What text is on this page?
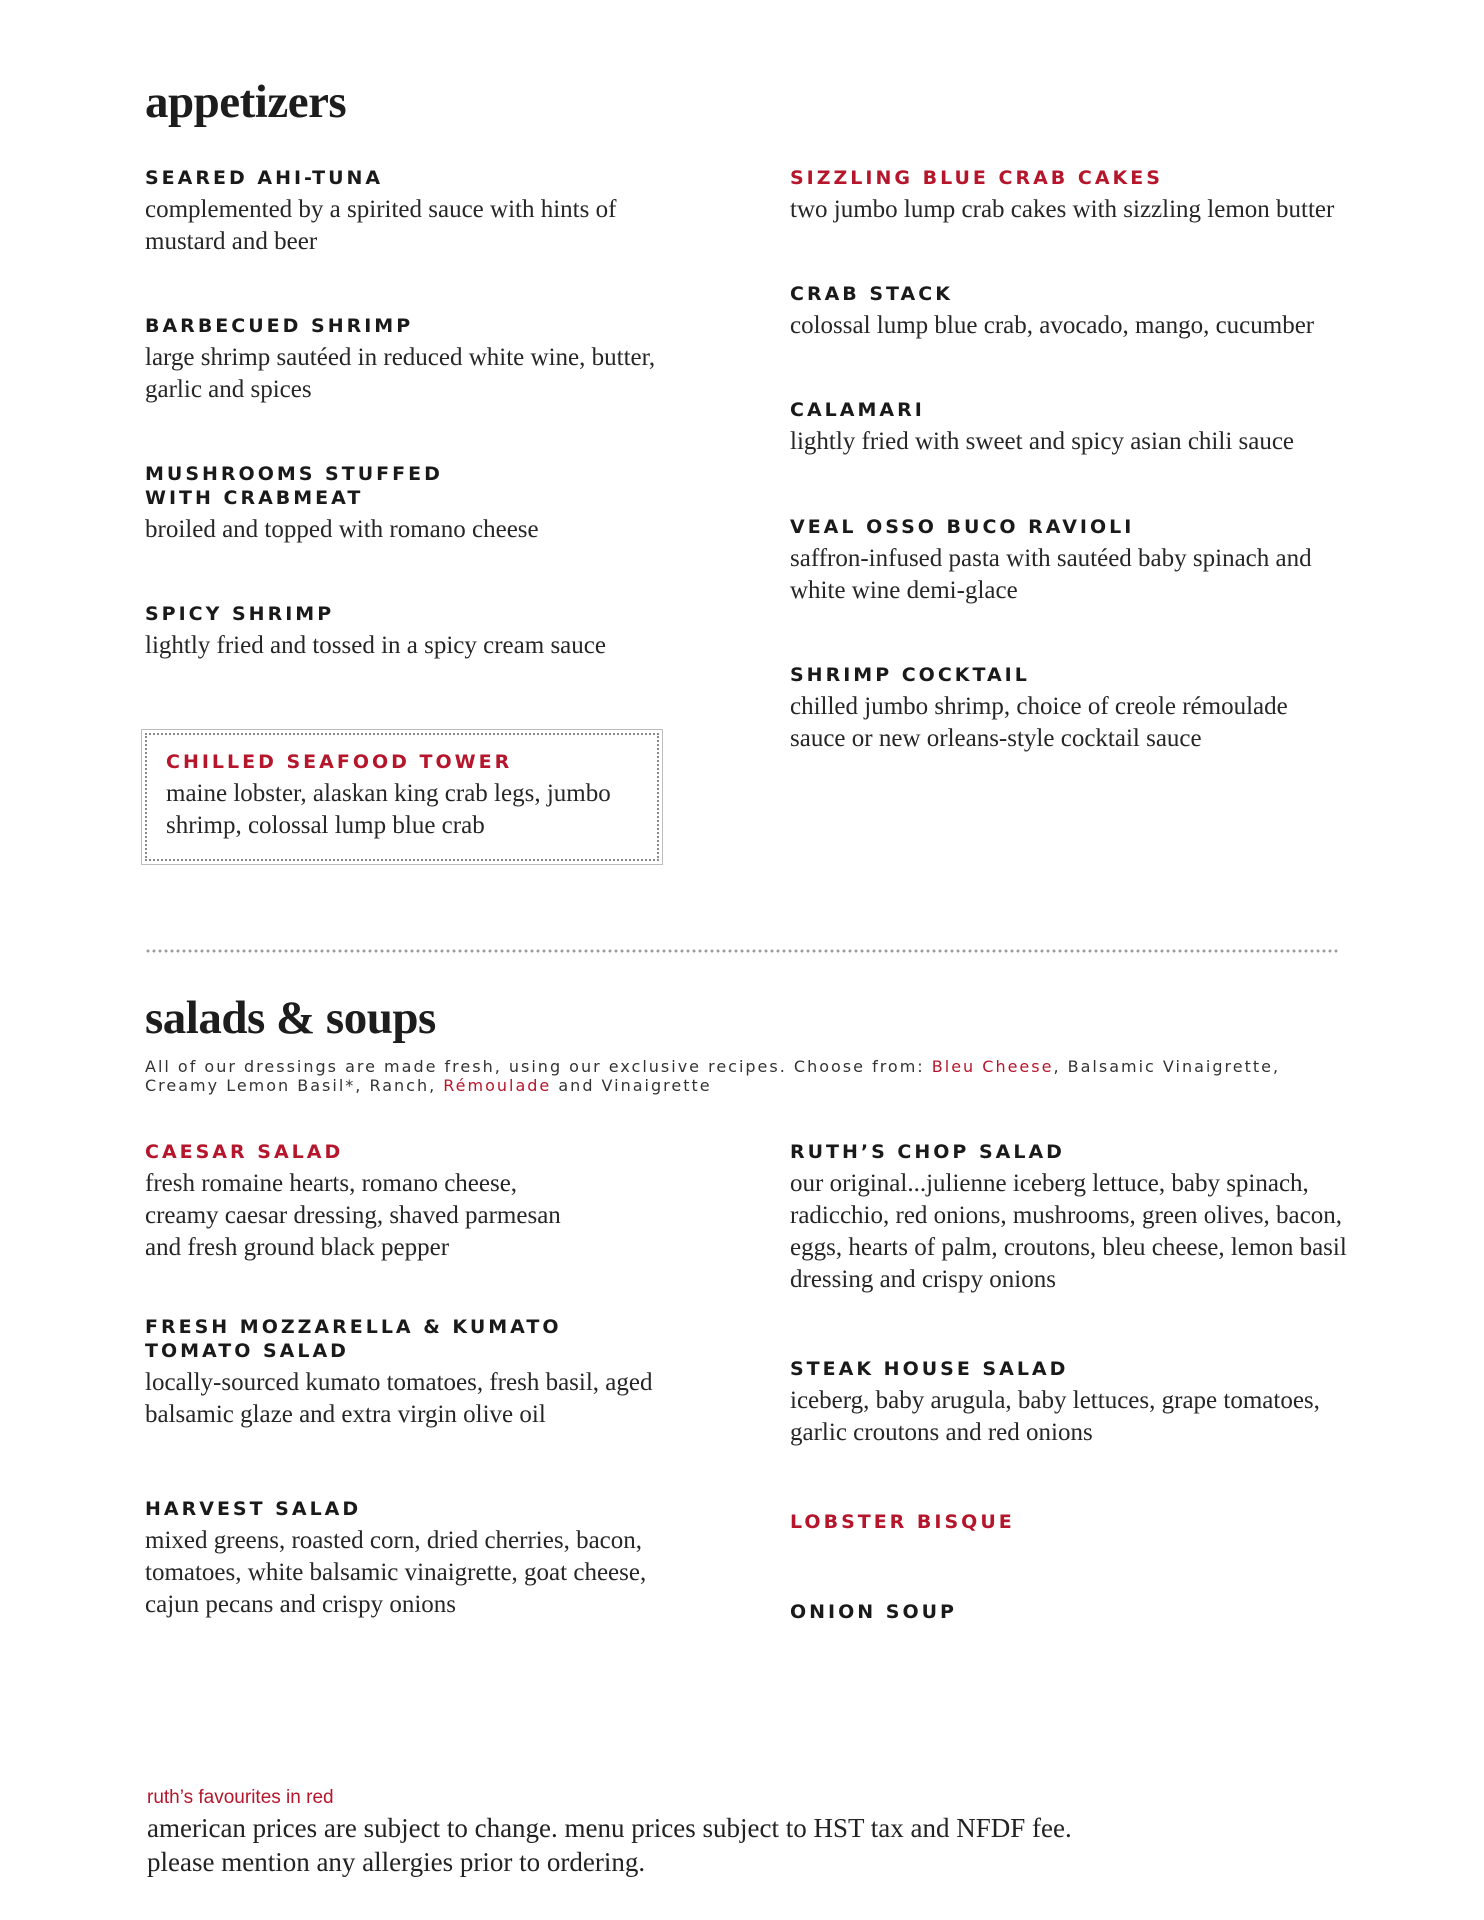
appetizers
SEARED AHI-TUNA
complemented by a spirited sauce with hints of mustard and beer
BARBECUED SHRIMP
large shrimp sautéed in reduced white wine, butter, garlic and spices
MUSHROOMS STUFFED WITH CRABMEAT
broiled and topped with romano cheese
SPICY SHRIMP
lightly fried and tossed in a spicy cream sauce
CHILLED SEAFOOD TOWER
maine lobster, alaskan king crab legs, jumbo shrimp, colossal lump blue crab
SIZZLING BLUE CRAB CAKES
two jumbo lump crab cakes with sizzling lemon butter
CRAB STACK
colossal lump blue crab, avocado, mango, cucumber
CALAMARI
lightly fried with sweet and spicy asian chili sauce
VEAL OSSO BUCO RAVIOLI
saffron-infused pasta with sautéed baby spinach and white wine demi-glace
SHRIMP COCKTAIL
chilled jumbo shrimp, choice of creole rémoulade sauce or new orleans-style cocktail sauce
salads & soups
All of our dressings are made fresh, using our exclusive recipes. Choose from: Bleu Cheese, Balsamic Vinaigrette, Creamy Lemon Basil*, Ranch, Rémoulade and Vinaigrette
CAESAR SALAD
fresh romaine hearts, romano cheese, creamy caesar dressing, shaved parmesan and fresh ground black pepper
FRESH MOZZARELLA & KUMATO TOMATO SALAD
locally-sourced kumato tomatoes, fresh basil, aged balsamic glaze and extra virgin olive oil
HARVEST SALAD
mixed greens, roasted corn, dried cherries, bacon, tomatoes, white balsamic vinaigrette, goat cheese, cajun pecans and crispy onions
RUTH’S CHOP SALAD
our original...julienne iceberg lettuce, baby spinach, radicchio, red onions, mushrooms, green olives, bacon, eggs, hearts of palm, croutons, bleu cheese, lemon basil dressing and crispy onions
STEAK HOUSE SALAD
iceberg, baby arugula, baby lettuces, grape tomatoes, garlic croutons and red onions
LOBSTER BISQUE
ONION SOUP
ruth’s favourites in red
american prices are subject to change. menu prices subject to HST tax and NFDF fee.
please mention any allergies prior to ordering.
